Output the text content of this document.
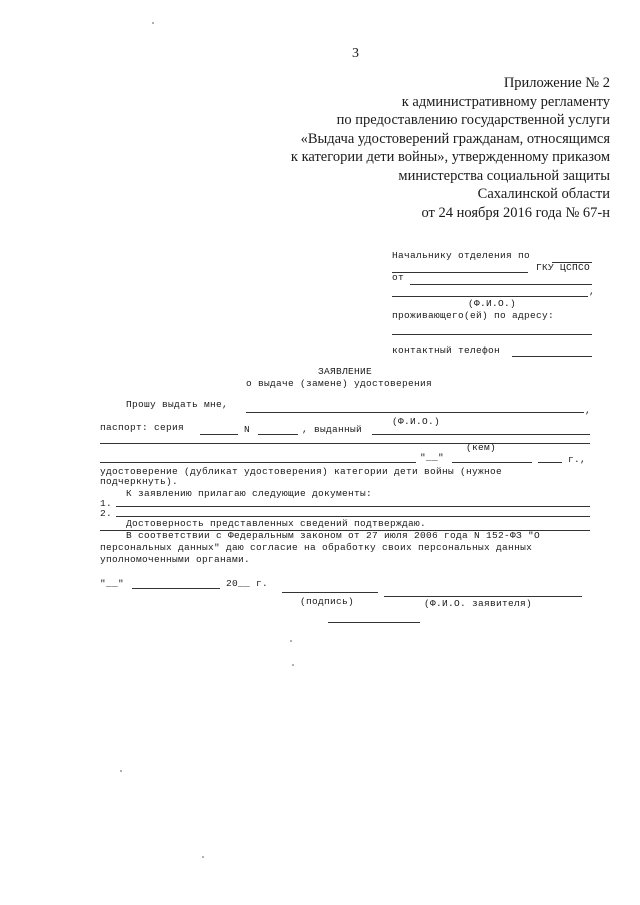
3
Приложение № 2
к административному регламенту
по предоставлению государственной услуги
«Выдача удостоверений гражданам, относящимся
к категории дети войны», утвержденному приказом
министерства социальной защиты
Сахалинской области
от 24 ноября 2016 года № 67-н
Начальнику отделения по
ГКУ ЦСПСО
от
,
(Ф.И.О.)
проживающего(ей) по адресу:
контактный телефон
ЗАЯВЛЕНИЕ
о выдаче (замене) удостоверения
Прошу выдать мне,
,
(Ф.И.О.)
паспорт: серия	N	, выданный
(кем)
"__"	г.,
удостоверение (дубликат удостоверения) категории дети войны (нужное
подчеркнуть).
К заявлению прилагаю следующие документы:
1.
2.
Достоверность представленных сведений подтверждаю.
В соответствии с Федеральным законом от 27 июля 2006 года N 152-ФЗ "О
персональных данных" даю согласие на обработку своих персональных данных
уполномоченными органами.
"__"	20__ г.
(подпись)	(Ф.И.О. заявителя)
